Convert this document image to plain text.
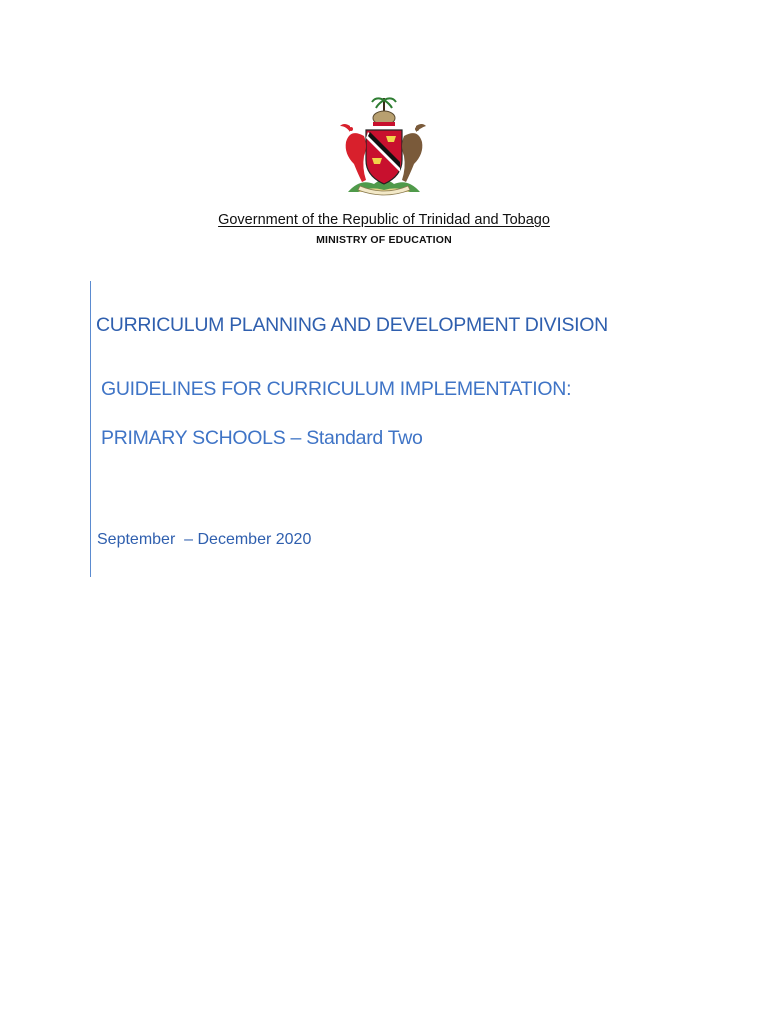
Government of the Republic of Trinidad and Tobago
MINISTRY OF EDUCATION
CURRICULUM PLANNING AND DEVELOPMENT DIVISION
GUIDELINES FOR CURRICULUM IMPLEMENTATION:
PRIMARY SCHOOLS – Standard Two
September  – December 2020
